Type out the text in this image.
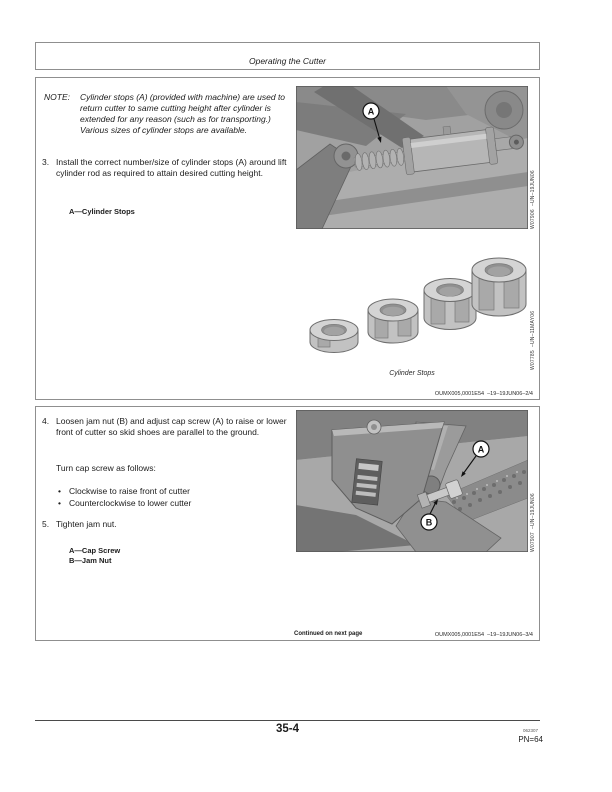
Operating the Cutter
NOTE:	Cylinder stops (A) (provided with machine) are used to return cutter to same cutting height after cylinder is extended for any reason (such as for transporting.) Various sizes of cylinder stops are available.
3. Install the correct number/size of cylinder stops (A) around lift cylinder rod as required to attain desired cutting height.
A—Cylinder Stops
A
W07906  –UN–19JUN06
W07785  –UN–11MAY06
Cylinder Stops
OUMX005,0001E54  –19–19JUN06–2/4
4. Loosen jam nut (B) and adjust cap screw (A) to raise or lower front of cutter so skid shoes are parallel to the ground.
Turn cap screw as follows:
• Clockwise to raise front of cutter
• Counterclockwise to lower cutter
5. Tighten jam nut.
A—Cap Screw
B—Jam Nut
A
B	W07907  –UN–19JUN06
Continued on next page	OUMX005,0001E54  –19–19JUN06–3/4
35-4	062307
PN=64
